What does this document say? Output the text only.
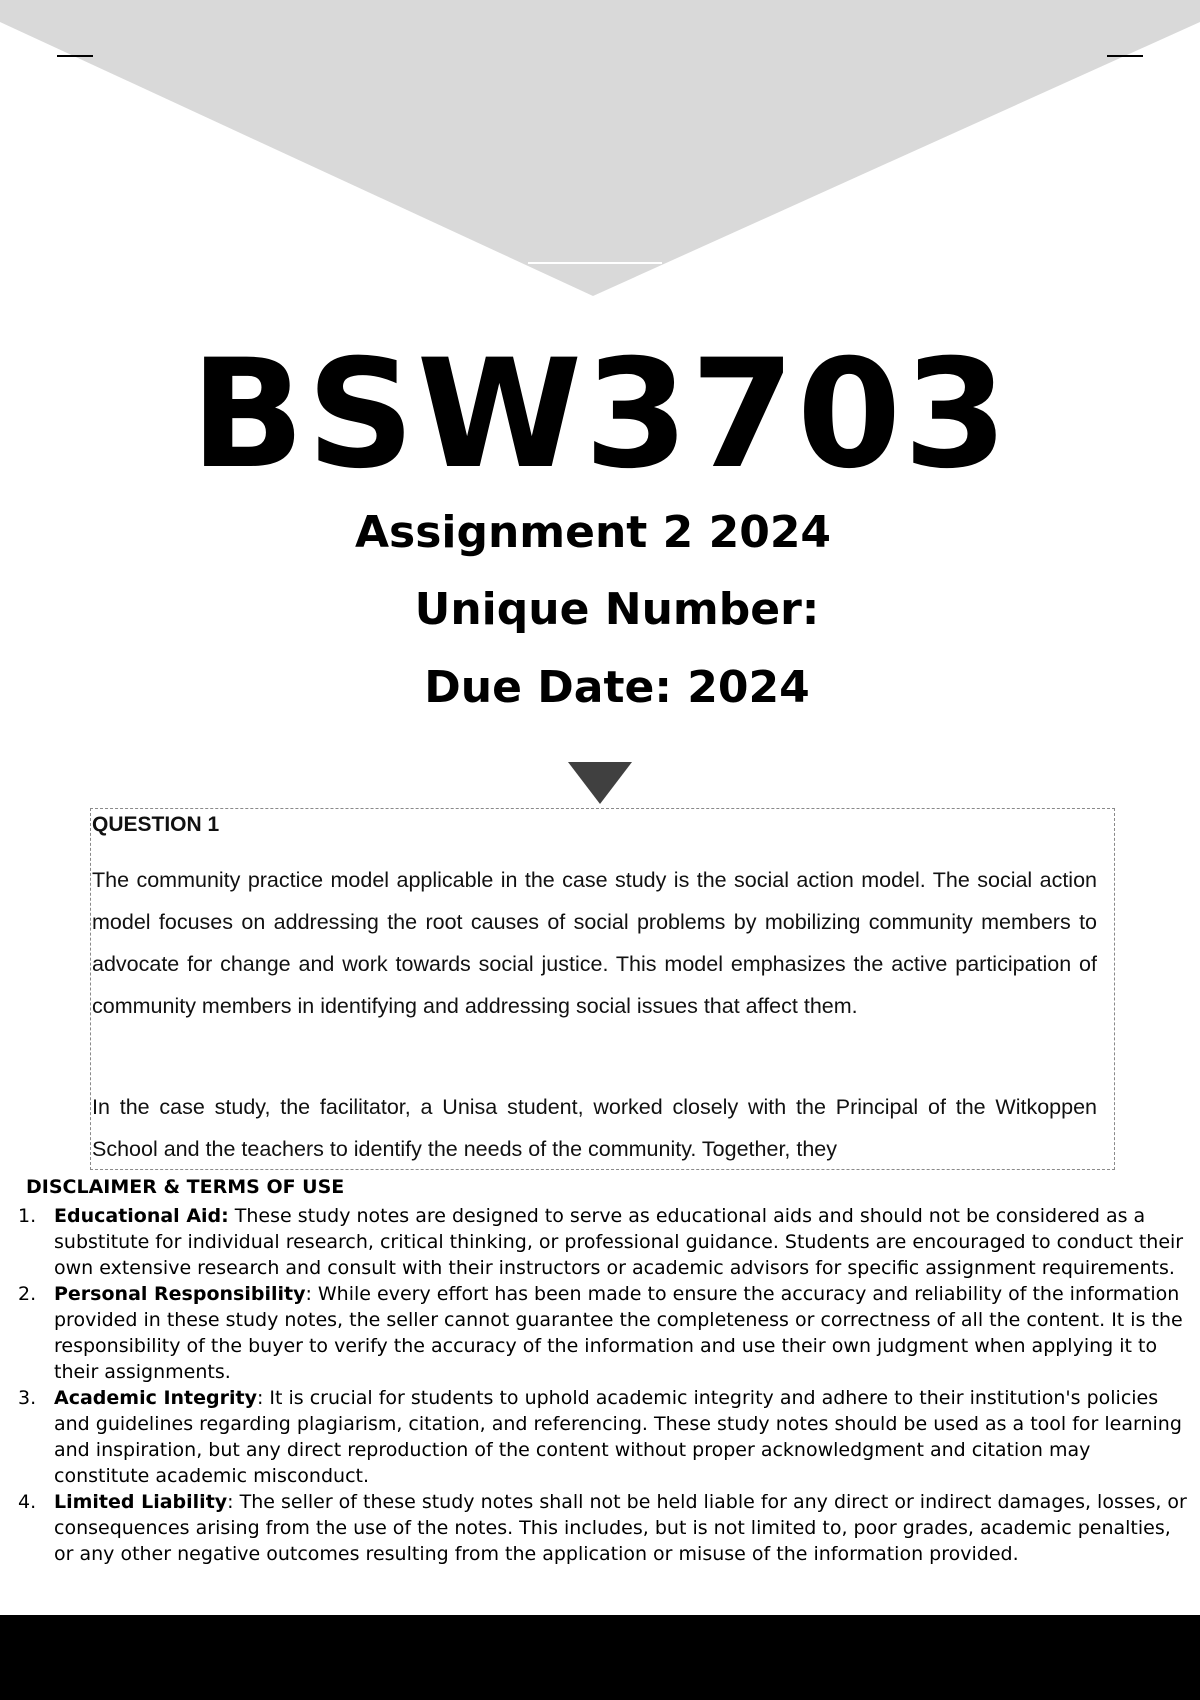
BSW3703
Assignment 2 2024
Unique Number:
Due Date: 2024
QUESTION 1

The community practice model applicable in the case study is the social action model. The social action model focuses on addressing the root causes of social problems by mobilizing community members to advocate for change and work towards social justice. This model emphasizes the active participation of community members in identifying and addressing social issues that affect them.

In the case study, the facilitator, a Unisa student, worked closely with the Principal of the Witkoppen School and the teachers to identify the needs of the community. Together, they

DISCLAIMER & TERMS OF USE
1. Educational Aid: These study notes are designed to serve as educational aids and should not be considered as a substitute for individual research, critical thinking, or professional guidance. Students are encouraged to conduct their own extensive research and consult with their instructors or academic advisors for specific assignment requirements.
2. Personal Responsibility: While every effort has been made to ensure the accuracy and reliability of the information provided in these study notes, the seller cannot guarantee the completeness or correctness of all the content. It is the responsibility of the buyer to verify the accuracy of the information and use their own judgment when applying it to their assignments.
3. Academic Integrity: It is crucial for students to uphold academic integrity and adhere to their institution's policies and guidelines regarding plagiarism, citation, and referencing. These study notes should be used as a tool for learning and inspiration, but any direct reproduction of the content without proper acknowledgment and citation may constitute academic misconduct.
4. Limited Liability: The seller of these study notes shall not be held liable for any direct or indirect damages, losses, or consequences arising from the use of the notes. This includes, but is not limited to, poor grades, academic penalties, or any other negative outcomes resulting from the application or misuse of the information provided.
